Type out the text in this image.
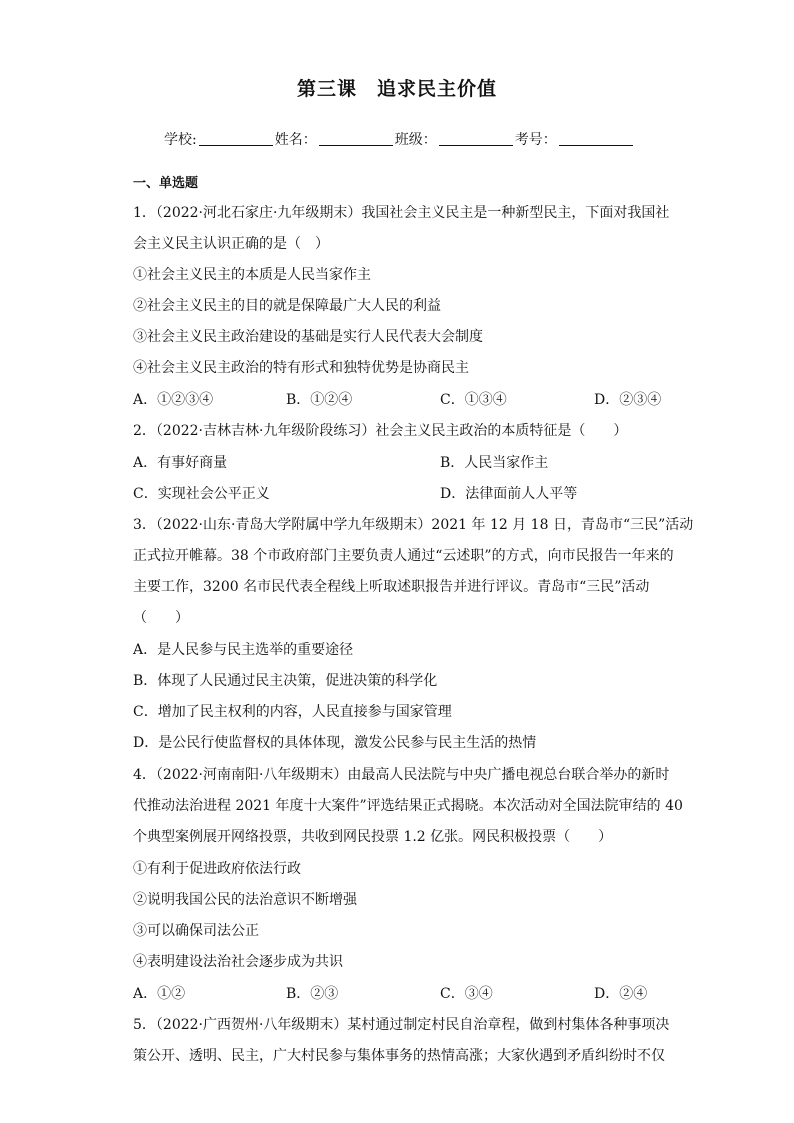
第三课　追求民主价值
学校:	姓名：	班级：	考号：
一、单选题
1．（2022·河北石家庄·九年级期末）我国社会主义民主是一种新型民主，下面对我国社
会主义民主认识正确的是（　）
①社会主义民主的本质是人民当家作主
②社会主义民主的目的就是保障最广大人民的利益
③社会主义民主政治建设的基础是实行人民代表大会制度
④社会主义民主政治的特有形式和独特优势是协商民主
A．①②③④	B．①②④	C．①③④	D．②③④
2．（2022·吉林吉林·九年级阶段练习）社会主义民主政治的本质特征是（　　）
A．有事好商量	B．人民当家作主
C．实现社会公平正义	D．法律面前人人平等
3．（2022·山东·青岛大学附属中学九年级期末）2021 年 12 月 18 日，青岛市“三民”活动
正式拉开帷幕。38 个市政府部门主要负责人通过“云述职”的方式，向市民报告一年来的
主要工作，3200 名市民代表全程线上听取述职报告并进行评议。青岛市“三民”活动
（　　）
A．是人民参与民主选举的重要途径
B．体现了人民通过民主决策，促进决策的科学化
C．增加了民主权利的内容，人民直接参与国家管理
D．是公民行使监督权的具体体现，激发公民参与民主生活的热情
4．（2022·河南南阳·八年级期末）由最高人民法院与中央广播电视总台联合举办的新时
代推动法治进程 2021 年度十大案件”评选结果正式揭晓。本次活动对全国法院审结的 40
个典型案例展开网络投票，共收到网民投票 1.2 亿张。网民积极投票（　　）
①有利于促进政府依法行政
②说明我国公民的法治意识不断增强
③可以确保司法公正
④表明建设法治社会逐步成为共识
A．①②	B．②③	C．③④	D．②④
5．（2022·广西贺州·八年级期末）某村通过制定村民自治章程，做到村集体各种事项决
策公开、透明、民主，广大村民参与集体事务的热情高涨；大家伙遇到矛盾纠纷时不仅
